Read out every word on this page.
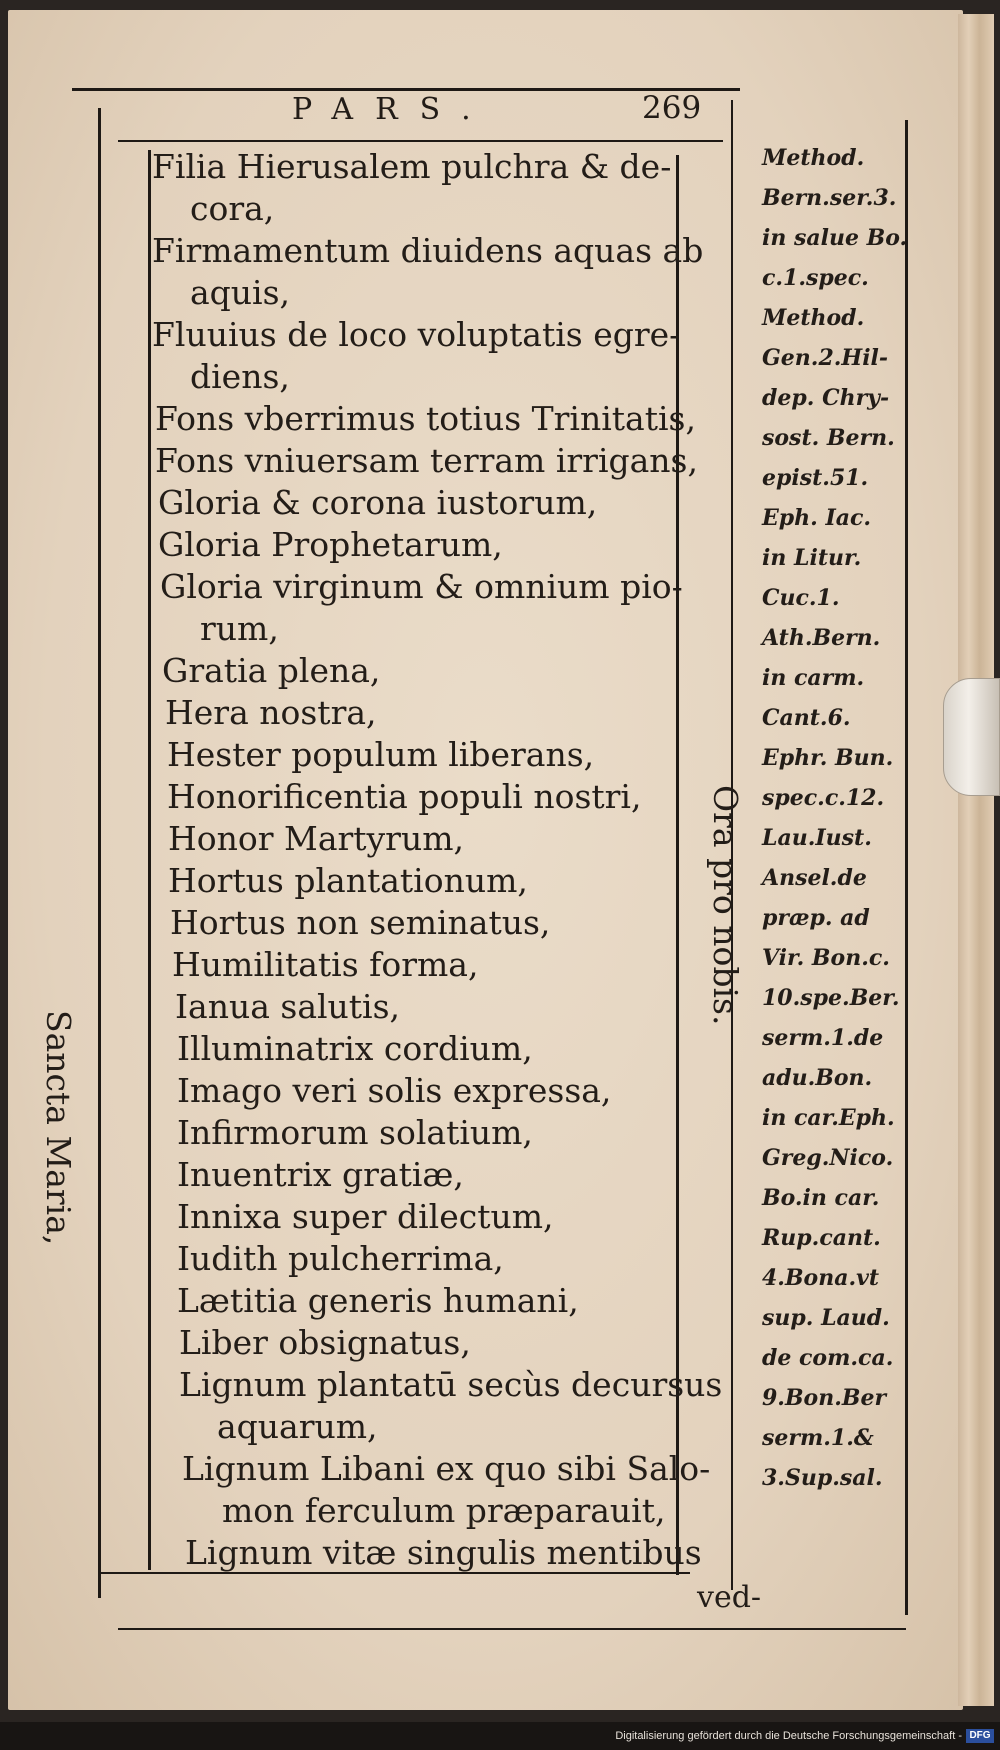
PARS.	269
Filia Hierusalem pulchra & de-
cora,
Firmamentum diuidens aquas ab
aquis,
Fluuius de loco voluptatis egre-
diens,
Fons vberrimus totius Trinitatis,
Fons vniuersam terram irrigans,
Gloria & corona iustorum,
Gloria Prophetarum,
Gloria virginum & omnium pio-
rum,
Gratia plena,
Hera nostra,
Hester populum liberans,
Honorificentia populi nostri,
Honor Martyrum,
Hortus plantationum,
Hortus non seminatus,
Humilitatis forma,
Ianua salutis,
Illuminatrix cordium,
Imago veri solis expressa,
Infirmorum solatium,
Inuentrix gratiæ,
Innixa super dilectum,
Iudith pulcherrima,
Lætitia generis humani,
Liber obsignatus,
Lignum plantatū secùs decursus
aquarum,
Lignum Libani ex quo sibi Salo-
mon ferculum præparauit,
Lignum vitæ singulis mentibus
Sancta Maria,
Ora pro nobis.
Method.
Bern.ser.3.
in salue Bo.
c.1.spec.
Method.
Gen.2.Hil-
dep. Chry-
sost. Bern.
epist.51.
Eph. Iac.
in Litur.
Cuc.1.
Ath.Bern.
in carm.
Cant.6.
Ephr. Bun.
spec.c.12.
Lau.Iust.
Ansel.de
præp. ad
Vir. Bon.c.
10.spe.Ber.
serm.1.de
adu.Bon.
in car.Eph.
Greg.Nico.
Bo.in car.
Rup.cant.
4.Bona.vt
sup. Laud.
de com.ca.
9.Bon.Ber
serm.1.&
3.Sup.sal.
ved-
Digitalisierung gefördert durch die Deutsche Forschungsgemeinschaft - DFG
